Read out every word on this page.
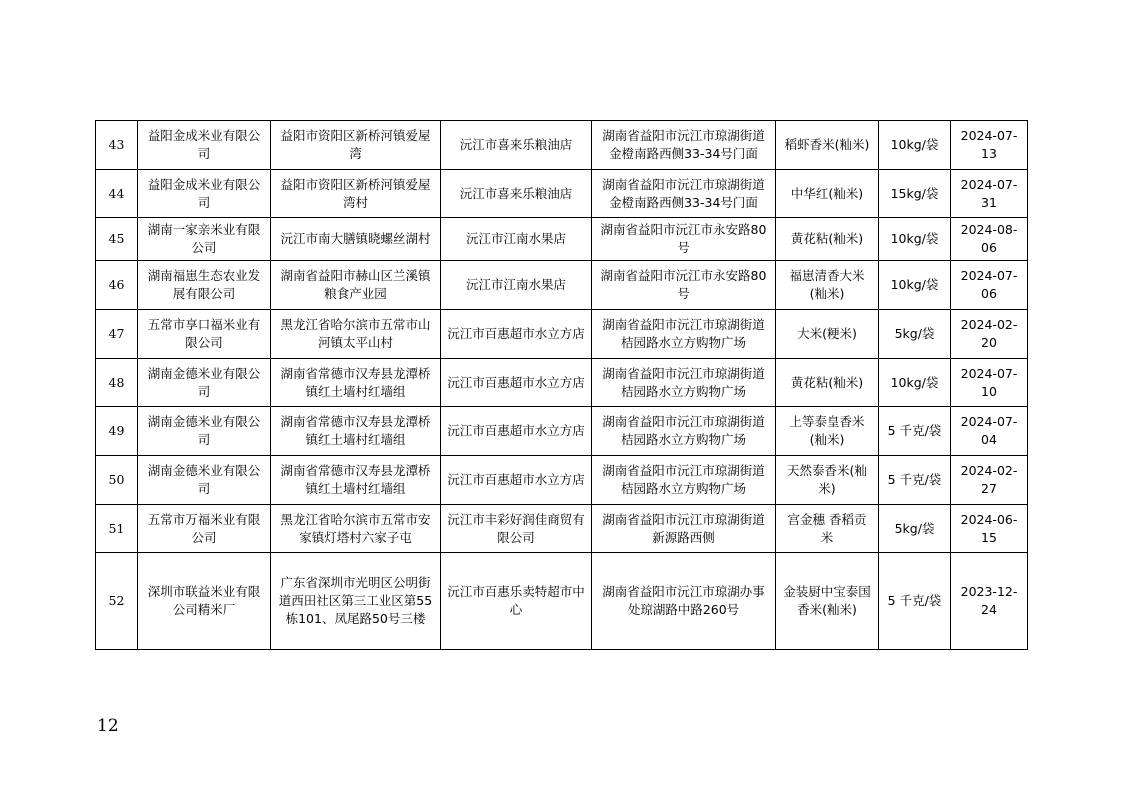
43	益阳金成米业有限公司	益阳市资阳区新桥河镇爱屋湾	沅江市喜来乐粮油店	湖南省益阳市沅江市琼湖街道金橙南路西侧33-34号门面	稻虾香米(籼米)	10kg/袋	2024-07-13
44	益阳金成米业有限公司	益阳市资阳区新桥河镇爱屋湾村	沅江市喜来乐粮油店	湖南省益阳市沅江市琼湖街道金橙南路西侧33-34号门面	中华红(籼米)	15kg/袋	2024-07-31
45	湖南一家亲米业有限公司	沅江市南大膳镇晓螺丝湖村	沅江市江南水果店	湖南省益阳市沅江市永安路80号	黄花粘(籼米)	10kg/袋	2024-08-06
46	湖南福崽生态农业发展有限公司	湖南省益阳市赫山区兰溪镇粮食产业园	沅江市江南水果店	湖南省益阳市沅江市永安路80号	福崽清香大米(籼米)	10kg/袋	2024-07-06
47	五常市享口福米业有限公司	黑龙江省哈尔滨市五常市山河镇太平山村	沅江市百惠超市水立方店	湖南省益阳市沅江市琼湖街道桔园路水立方购物广场	大米(粳米)	5kg/袋	2024-02-20
48	湖南金德米业有限公司	湖南省常德市汉寿县龙潭桥镇红土墙村红墙组	沅江市百惠超市水立方店	湖南省益阳市沅江市琼湖街道桔园路水立方购物广场	黄花粘(籼米)	10kg/袋	2024-07-10
49	湖南金德米业有限公司	湖南省常德市汉寿县龙潭桥镇红土墙村红墙组	沅江市百惠超市水立方店	湖南省益阳市沅江市琼湖街道桔园路水立方购物广场	上等泰皇香米(籼米)	5 千克/袋	2024-07-04
50	湖南金德米业有限公司	湖南省常德市汉寿县龙潭桥镇红土墙村红墙组	沅江市百惠超市水立方店	湖南省益阳市沅江市琼湖街道桔园路水立方购物广场	天然泰香米(籼米)	5 千克/袋	2024-02-27
51	五常市万福米业有限公司	黑龙江省哈尔滨市五常市安家镇灯塔村六家子屯	沅江市丰彩好润佳商贸有限公司	湖南省益阳市沅江市琼湖街道新源路西侧	宫金穗 香稻贡米	5kg/袋	2024-06-15
52	深圳市联益米业有限公司精米厂	广东省深圳市光明区公明街道西田社区第三工业区第55栋101、凤尾路50号三楼	沅江市百惠乐卖特超市中心	湖南省益阳市沅江市琼湖办事处琼湖路中路260号	金装厨中宝泰国香米(籼米)	5 千克/袋	2023-12-24
12
